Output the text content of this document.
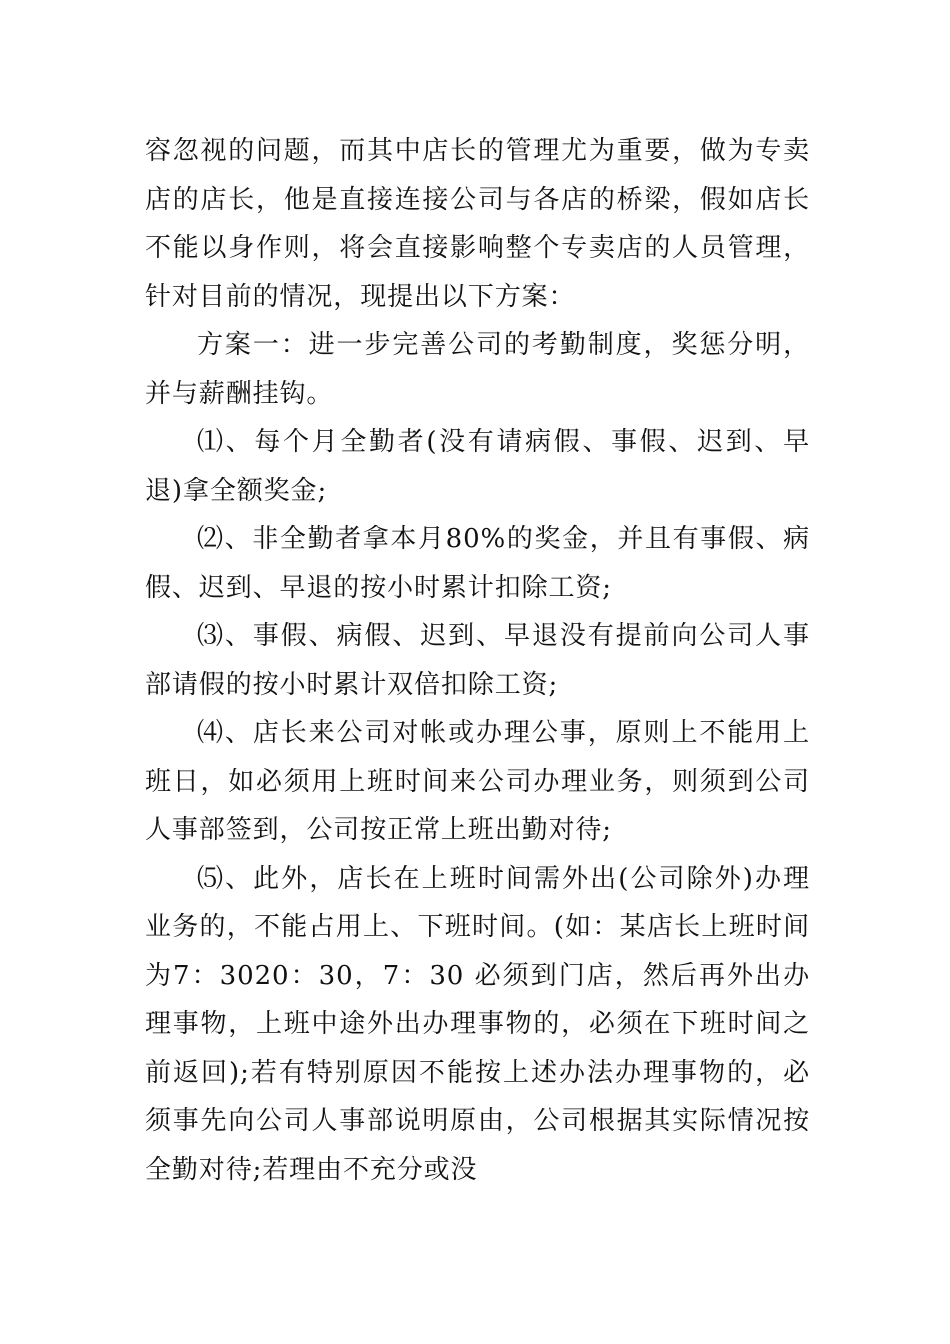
容忽视的问题，而其中店长的管理尤为重要，做为专卖店的店长，他是直接连接公司与各店的桥梁，假如店长不能以身作则，将会直接影响整个专卖店的人员管理，针对目前的情况，现提出以下方案：

方案一：进一步完善公司的考勤制度，奖惩分明，并与薪酬挂钩。

⑴、每个月全勤者(没有请病假、事假、迟到、早退)拿全额奖金;

⑵、非全勤者拿本月80%的奖金，并且有事假、病假、迟到、早退的按小时累计扣除工资;

⑶、事假、病假、迟到、早退没有提前向公司人事部请假的按小时累计双倍扣除工资;

⑷、店长来公司对帐或办理公事，原则上不能用上班日，如必须用上班时间来公司办理业务，则须到公司人事部签到，公司按正常上班出勤对待;

⑸、此外，店长在上班时间需外出(公司除外)办理业务的，不能占用上、下班时间。(如：某店长上班时间为7：3020：30，7：30 必须到门店，然后再外出办理事物，上班中途外出办理事物的，必须在下班时间之前返回);若有特别原因不能按上述办法办理事物的，必须事先向公司人事部说明原由，公司根据其实际情况按全勤对待;若理由不充分或没
